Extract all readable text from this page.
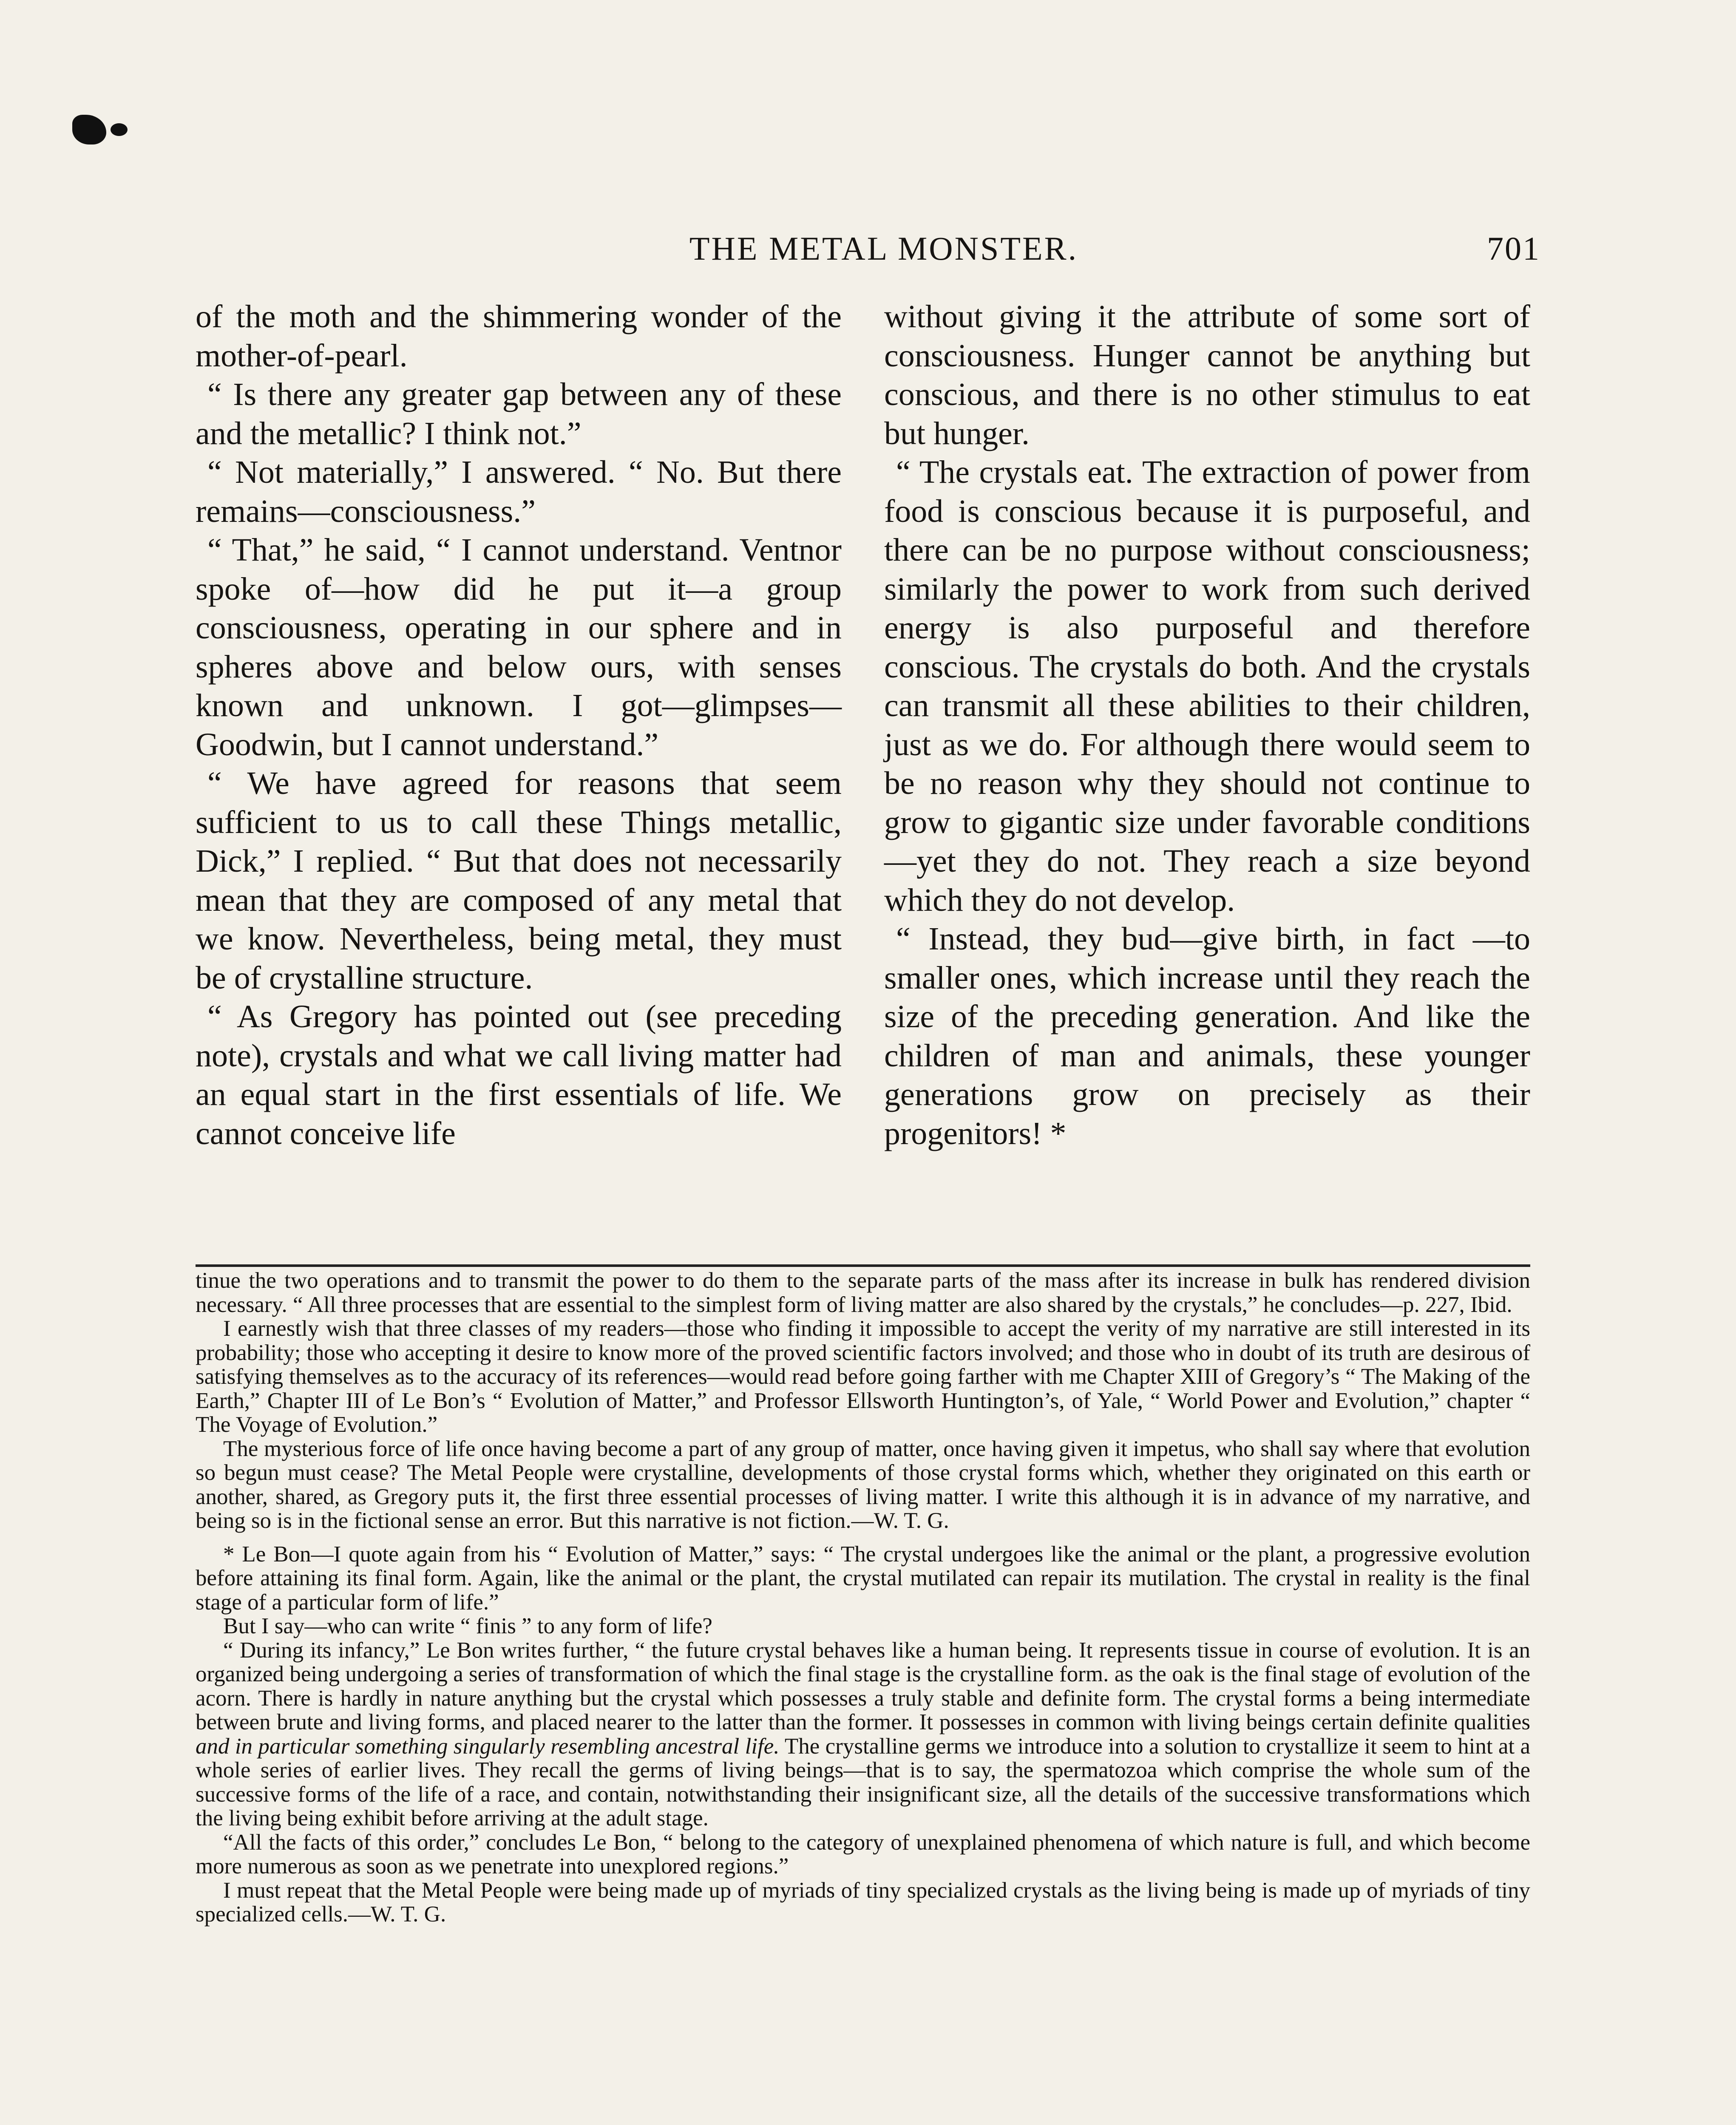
THE METAL MONSTER.	701

of the moth and the shimmering wonder of the mother-of-pearl.

“ Is there any greater gap between any of these and the metallic? I think not.”

“ Not materially,” I answered. “ No. But there remains—consciousness.”

“ That,” he said, “ I cannot understand. Ventnor spoke of—how did he put it—a group consciousness, operating in our sphere and in spheres above and below ours, with senses known and unknown. I got—glimpses—Goodwin, but I cannot understand.”

“ We have agreed for reasons that seem sufficient to us to call these Things metallic, Dick,” I replied. “ But that does not necessarily mean that they are composed of any metal that we know. Nevertheless, being metal, they must be of crystalline structure.

“ As Gregory has pointed out (see preceding note), crystals and what we call living matter had an equal start in the first essentials of life. We cannot conceive life

without giving it the attribute of some sort of consciousness. Hunger cannot be anything but conscious, and there is no other stimulus to eat but hunger.

“ The crystals eat. The extraction of power from food is conscious because it is purposeful, and there can be no purpose without consciousness; similarly the power to work from such derived energy is also purposeful and therefore conscious. The crystals do both. And the crystals can transmit all these abilities to their children, just as we do. For although there would seem to be no reason why they should not continue to grow to gigantic size under favorable conditions—yet they do not. They reach a size beyond which they do not develop.

“ Instead, they bud—give birth, in fact —to smaller ones, which increase until they reach the size of the preceding generation. And like the children of man and animals, these younger generations grow on precisely as their progenitors! *

tinue the two operations and to transmit the power to do them to the separate parts of the mass after its increase in bulk has rendered division necessary. “ All three processes that are essential to the simplest form of living matter are also shared by the crystals,” he concludes—p. 227, Ibid.

I earnestly wish that three classes of my readers—those who finding it impossible to accept the verity of my narrative are still interested in its probability; those who accepting it desire to know more of the proved scientific factors involved; and those who in doubt of its truth are desirous of satisfying themselves as to the accuracy of its references—would read before going farther with me Chapter XIII of Gregory’s “ The Making of the Earth,” Chapter III of Le Bon’s “ Evolution of Matter,” and Professor Ellsworth Huntington’s, of Yale, “ World Power and Evolution,” chapter “ The Voyage of Evolution.”

The mysterious force of life once having become a part of any group of matter, once having given it impetus, who shall say where that evolution so begun must cease? The Metal People were crystalline, developments of those crystal forms which, whether they originated on this earth or another, shared, as Gregory puts it, the first three essential processes of living matter. I write this although it is in advance of my narrative, and being so is in the fictional sense an error. But this narrative is not fiction.—W. T. G.

* Le Bon—I quote again from his “ Evolution of Matter,” says: “ The crystal undergoes like the animal or the plant, a progressive evolution before attaining its final form. Again, like the animal or the plant, the crystal mutilated can repair its mutilation. The crystal in reality is the final stage of a particular form of life.”

But I say—who can write “ finis ” to any form of life?

“ During its infancy,” Le Bon writes further, “ the future crystal behaves like a human being. It represents tissue in course of evolution. It is an organized being undergoing a series of transformation of which the final stage is the crystalline form. as the oak is the final stage of evolution of the acorn. There is hardly in nature anything but the crystal which possesses a truly stable and definite form. The crystal forms a being intermediate between brute and living forms, and placed nearer to the latter than the former. It possesses in common with living beings certain definite qualities and in particular something singularly resembling ancestral life. The crystalline germs we introduce into a solution to crystallize it seem to hint at a whole series of earlier lives. They recall the germs of living beings—that is to say, the spermatozoa which comprise the whole sum of the successive forms of the life of a race, and contain, notwithstanding their insignificant size, all the details of the successive transformations which the living being exhibit before arriving at the adult stage.

“All the facts of this order,” concludes Le Bon, “ belong to the category of unexplained phenomena of which nature is full, and which become more numerous as soon as we penetrate into unexplored regions.”

I must repeat that the Metal People were being made up of myriads of tiny specialized crystals as the living being is made up of myriads of tiny specialized cells.—W. T. G.
